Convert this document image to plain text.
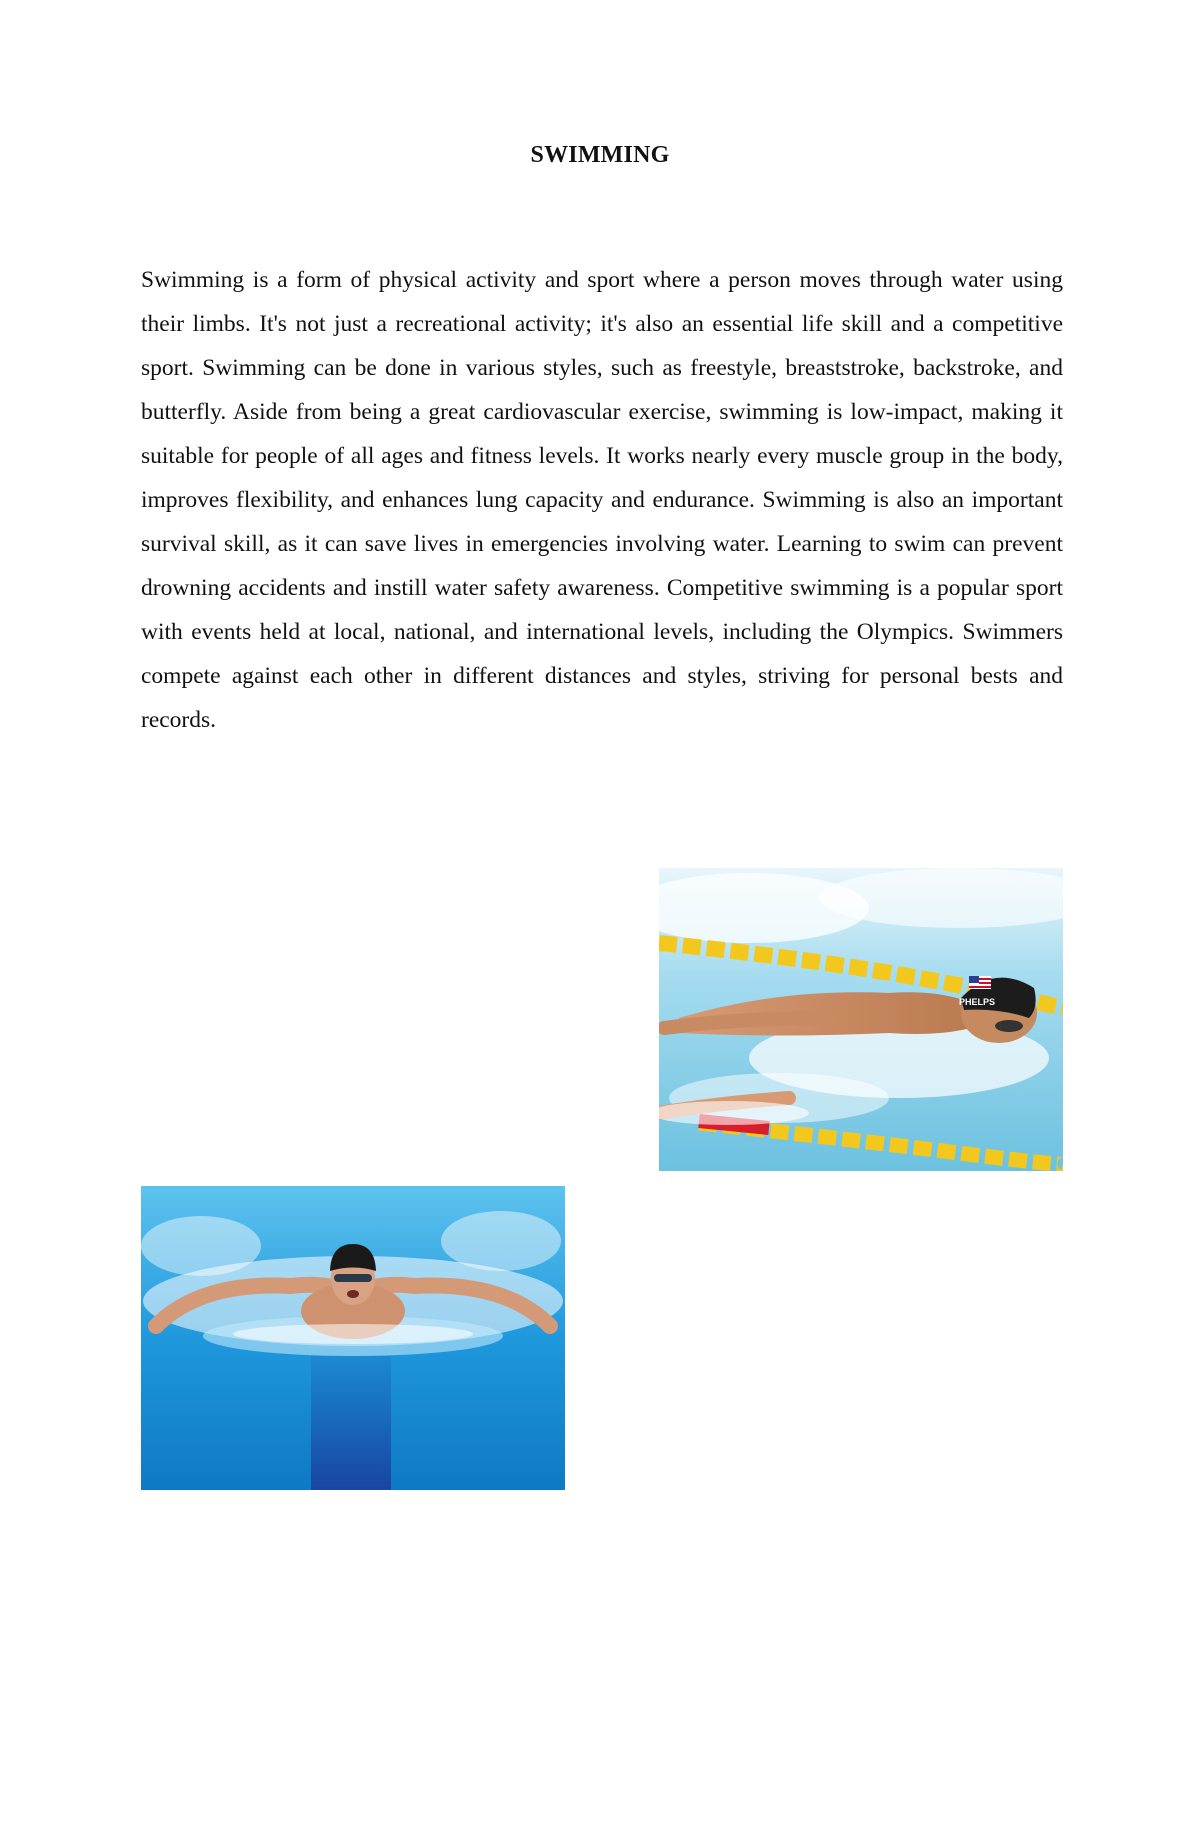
SWIMMING

Swimming is a form of physical activity and sport where a person moves through water using their limbs. It's not just a recreational activity; it's also an essential life skill and a competitive sport. Swimming can be done in various styles, such as freestyle, breaststroke, backstroke, and butterfly. Aside from being a great cardiovascular exercise, swimming is low-impact, making it suitable for people of all ages and fitness levels. It works nearly every muscle group in the body, improves flexibility, and enhances lung capacity and endurance. Swimming is also an important survival skill, as it can save lives in emergencies involving water. Learning to swim can prevent drowning accidents and instill water safety awareness. Competitive swimming is a popular sport with events held at local, national, and international levels, including the Olympics. Swimmers compete against each other in different distances and styles, striving for personal bests and records.

PHELPS
